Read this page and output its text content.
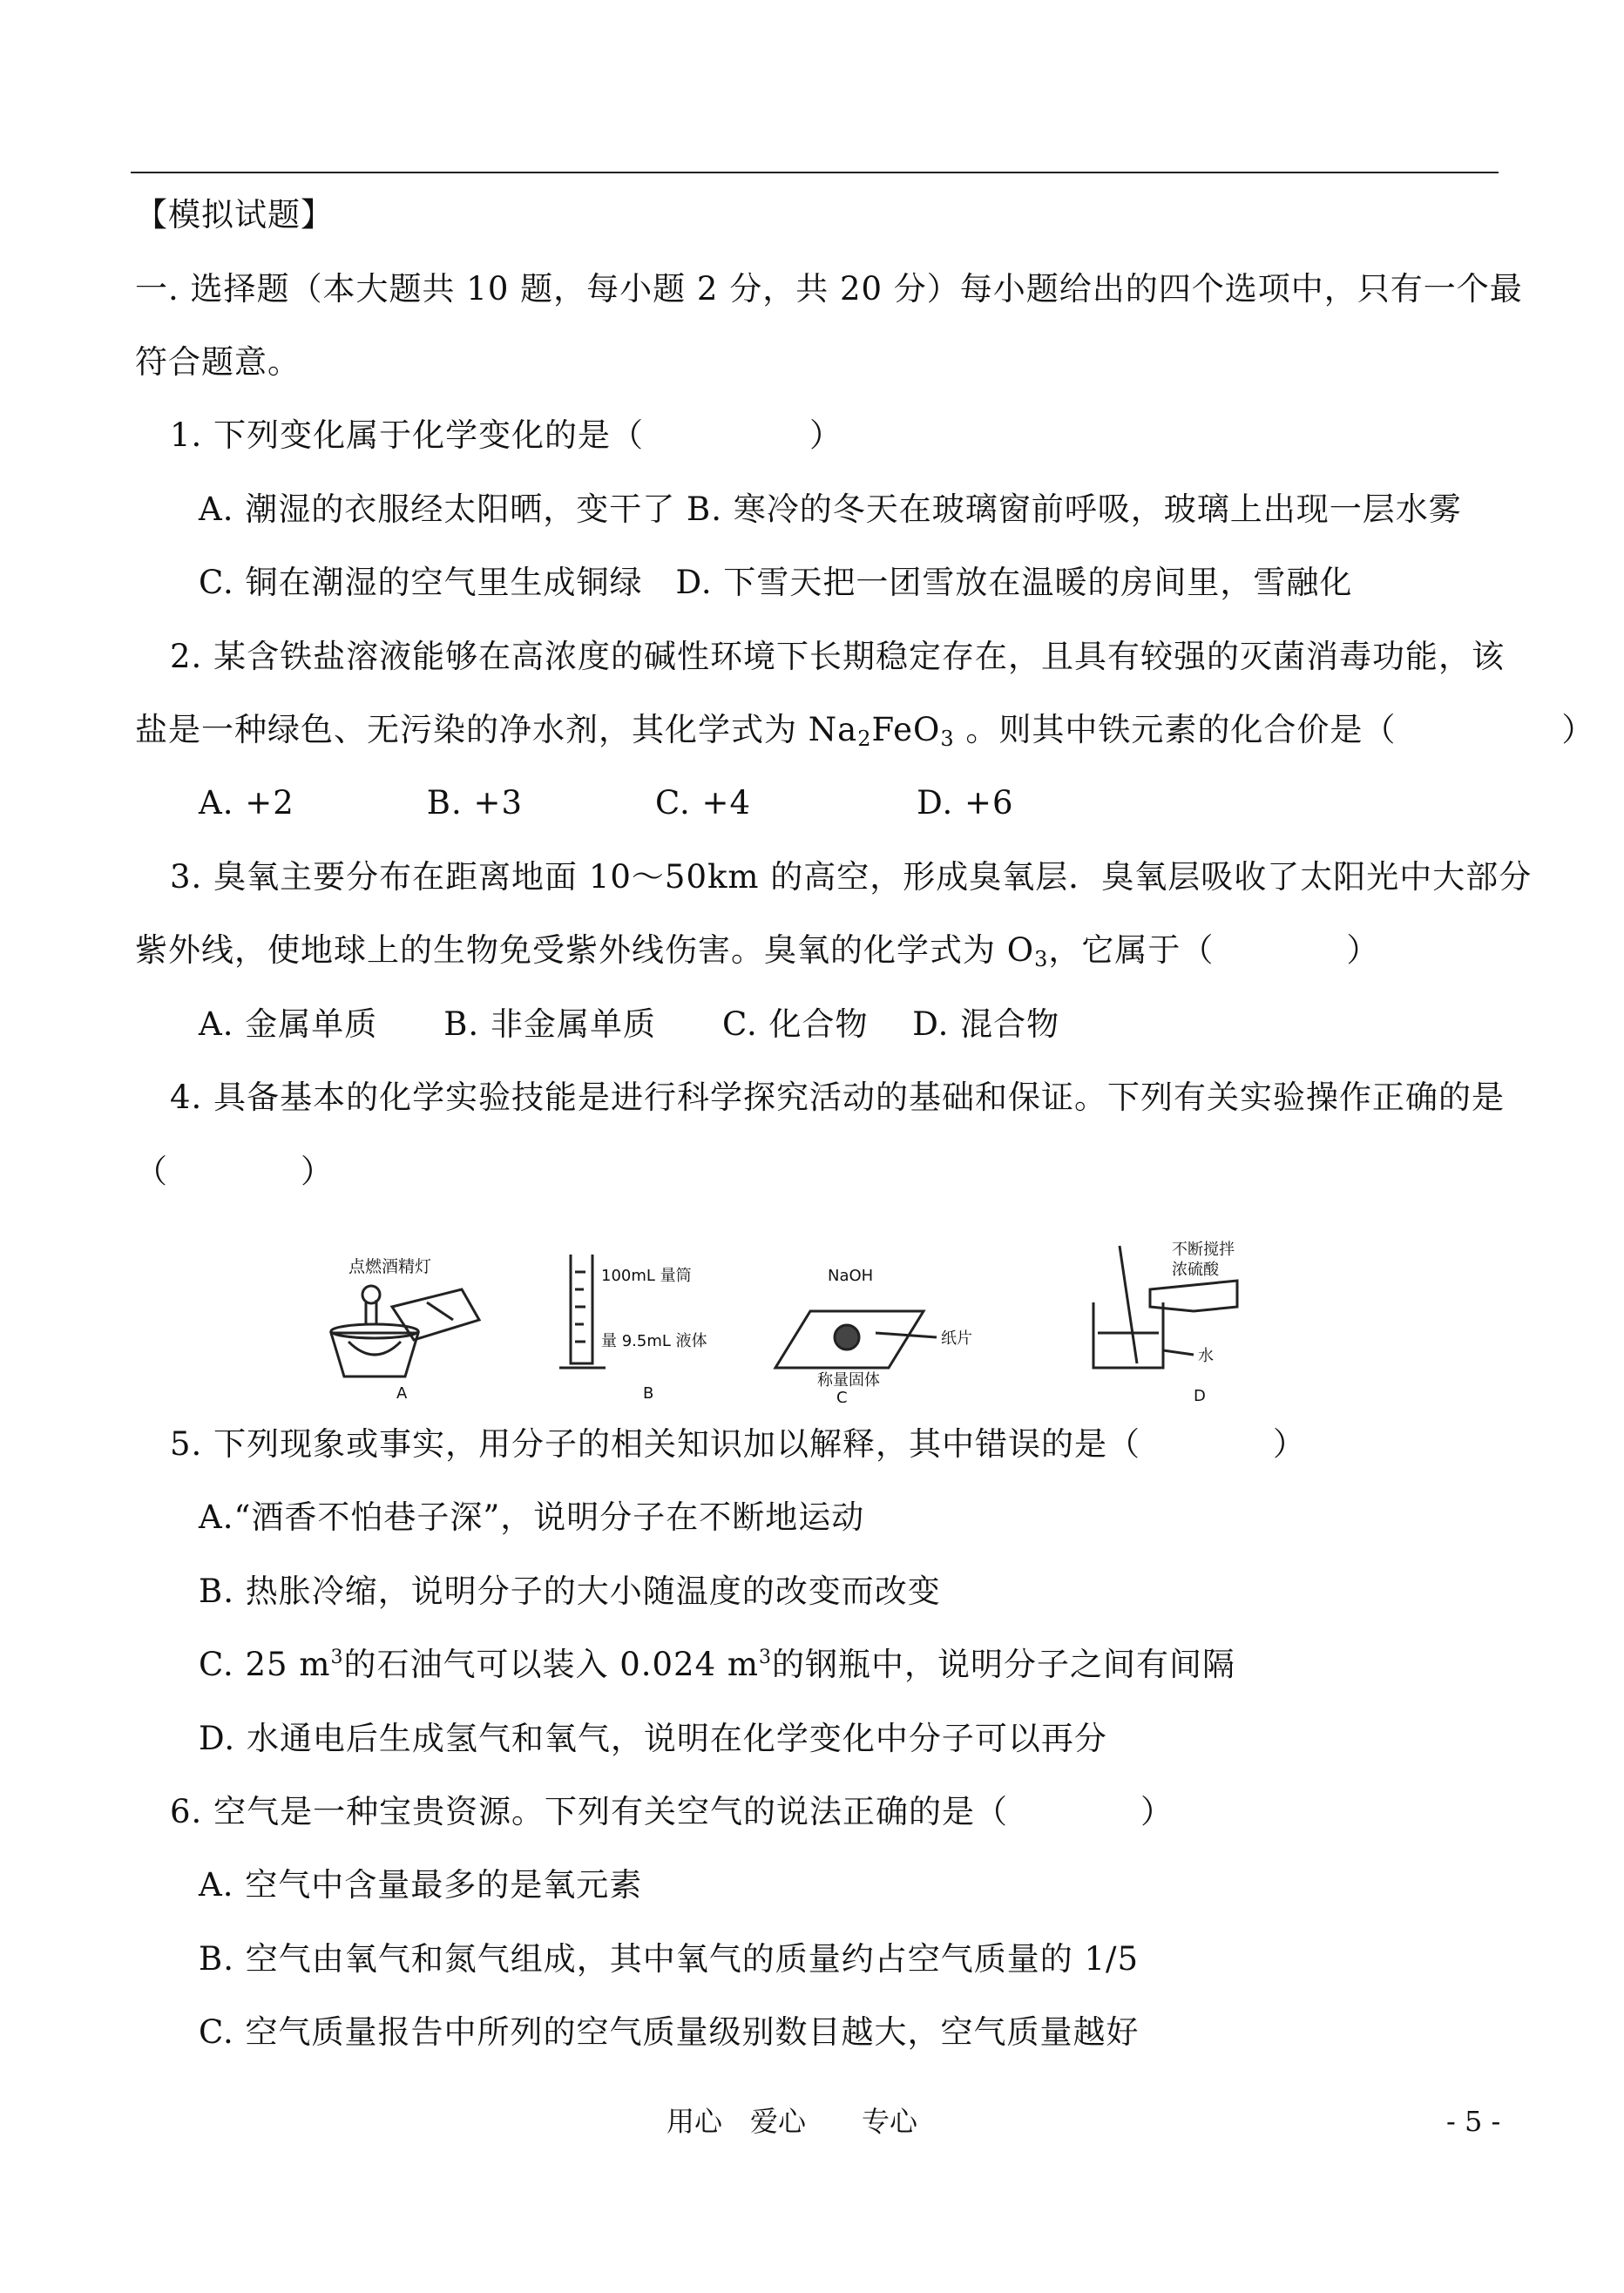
【模拟试题】
一. 选择题（本大题共 10 题，每小题 2 分，共 20 分）每小题给出的四个选项中，只有一个最
符合题意。
1. 下列变化属于化学变化的是（　　　　　）
A. 潮湿的衣服经太阳晒，变干了 B. 寒冷的冬天在玻璃窗前呼吸，玻璃上出现一层水雾
C. 铜在潮湿的空气里生成铜绿　D. 下雪天把一团雪放在温暖的房间里，雪融化
2. 某含铁盐溶液能够在高浓度的碱性环境下长期稳定存在，且具有较强的灭菌消毒功能，该
盐是一种绿色、无污染的净水剂，其化学式为 $Na_2FeO_3$ 。则其中铁元素的化合价是（　　　　　）
A. +2　　　　B. +3　　　　C. +4　　　　　D. +6
3. 臭氧主要分布在距离地面 10～50km 的高空，形成臭氧层．臭氧层吸收了太阳光中大部分
紫外线，使地球上的生物免受紫外线伤害。臭氧的化学式为 $O_3$，它属于（　　　　）
A. 金属单质　　B. 非金属单质　　C. 化合物　 D. 混合物
4. 具备基本的化学实验技能是进行科学探究活动的基础和保证。下列有关实验操作正确的是
（　　　　）
点燃酒精灯
A
100mL 量筒
量 9.5mL 液体
B
NaOH
纸片
称量固体
C
不断搅拌
浓硫酸
水
D
5. 下列现象或事实，用分子的相关知识加以解释，其中错误的是（　　　　）
A.“酒香不怕巷子深”，说明分子在不断地运动
B. 热胀冷缩，说明分子的大小随温度的改变而改变
C. 25 $m^3$的石油气可以装入 0.024 $m^3$的钢瓶中，说明分子之间有间隔
D. 水通电后生成氢气和氧气，说明在化学变化中分子可以再分
6. 空气是一种宝贵资源。下列有关空气的说法正确的是（　　　　）
A. 空气中含量最多的是氧元素
B. 空气由氧气和氮气组成，其中氧气的质量约占空气质量的 1/5
C. 空气质量报告中所列的空气质量级别数目越大，空气质量越好
用心　爱心　　专心	- 5 -
